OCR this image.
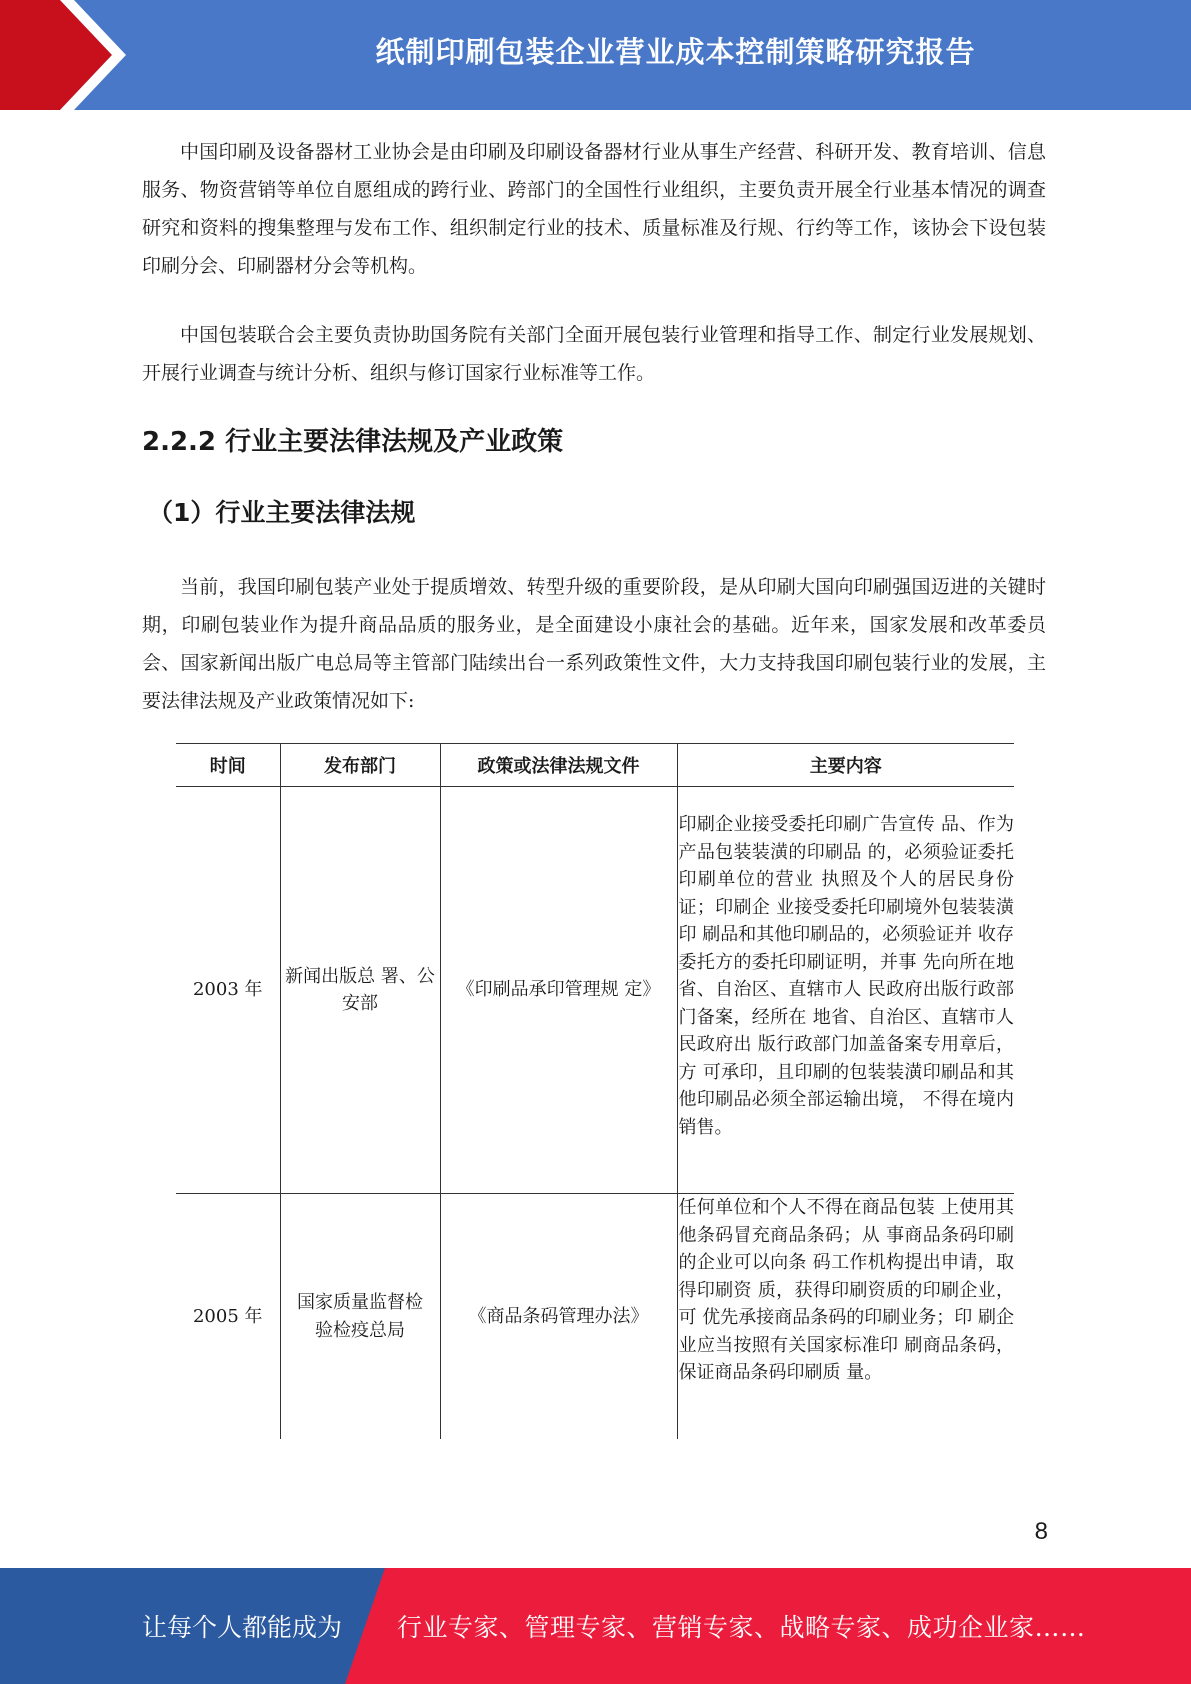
纸制印刷包装企业营业成本控制策略研究报告

中国印刷及设备器材工业协会是由印刷及印刷设备器材行业从事生产经营、科研开发、教育培训、信息服务、物资营销等单位自愿组成的跨行业、跨部门的全国性行业组织，主要负责开展全行业基本情况的调查研究和资料的搜集整理与发布工作、组织制定行业的技术、质量标准及行规、行约等工作，该协会下设包装印刷分会、印刷器材分会等机构。

中国包装联合会主要负责协助国务院有关部门全面开展包装行业管理和指导工作、制定行业发展规划、开展行业调查与统计分析、组织与修订国家行业标准等工作。

2.2.2 行业主要法律法规及产业政策
（1）行业主要法律法规

当前，我国印刷包装产业处于提质增效、转型升级的重要阶段，是从印刷大国向印刷强国迈进的关键时期，印刷包装业作为提升商品品质的服务业，是全面建设小康社会的基础。近年来，国家发展和改革委员会、国家新闻出版广电总局等主管部门陆续出台一系列政策性文件，大力支持我国印刷包装行业的发展，主要法律法规及产业政策情况如下:

时间	发布部门	政策或法律法规文件	主要内容
2003 年	新闻出版总 署、公安部	《印刷品承印管理规 定》	印刷企业接受委托印刷广告宣传 品、作为产品包装装潢的印刷品 的，必须验证委托印刷单位的营业 执照及个人的居民身份证；印刷企 业接受委托印刷境外包装装潢印 刷品和其他印刷品的，必须验证并 收存委托方的委托印刷证明，并事 先向所在地省、自治区、直辖市人 民政府出版行政部门备案，经所在 地省、自治区、直辖市人民政府出 版行政部门加盖备案专用章后，方 可承印，且印刷的包装装潢印刷品和其他印刷品必须全部运输出境， 不得在境内销售。
2005 年	国家质量监督检验检疫总局	《商品条码管理办法》	任何单位和个人不得在商品包装 上使用其他条码冒充商品条码；从 事商品条码印刷的企业可以向条 码工作机构提出申请，取得印刷资 质，获得印刷资质的印刷企业，可 优先承接商品条码的印刷业务；印 刷企业应当按照有关国家标准印 刷商品条码，保证商品条码印刷质 量。
8
让每个人都能成为 行业专家、管理专家、营销专家、战略专家、成功企业家……
